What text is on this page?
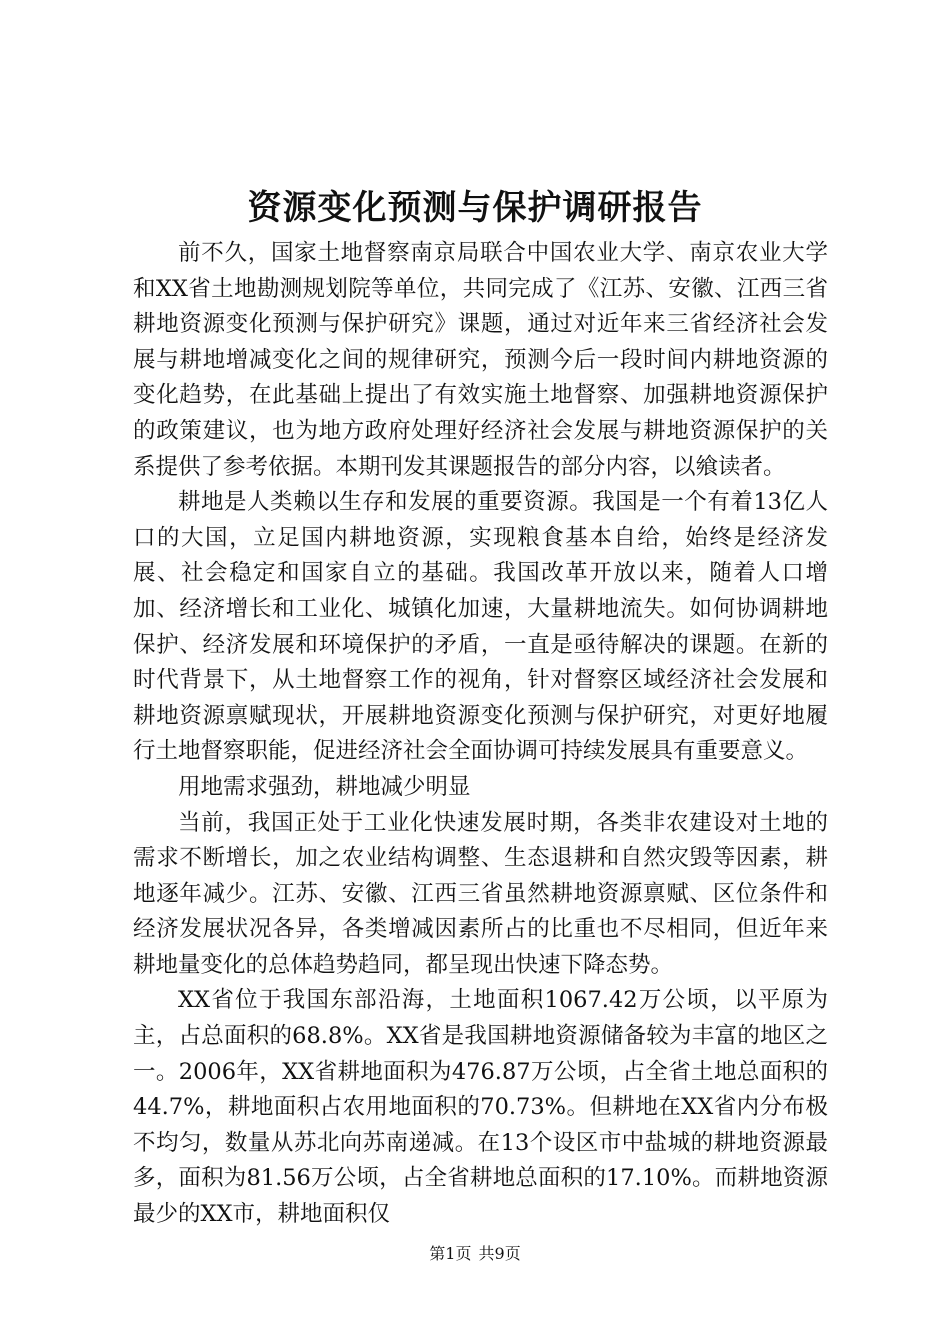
资源变化预测与保护调研报告

前不久，国家土地督察南京局联合中国农业大学、南京农业大学和XX省土地勘测规划院等单位，共同完成了《江苏、安徽、江西三省耕地资源变化预测与保护研究》课题，通过对近年来三省经济社会发展与耕地增减变化之间的规律研究，预测今后一段时间内耕地资源的变化趋势，在此基础上提出了有效实施土地督察、加强耕地资源保护的政策建议，也为地方政府处理好经济社会发展与耕地资源保护的关系提供了参考依据。本期刊发其课题报告的部分内容，以飨读者。

耕地是人类赖以生存和发展的重要资源。我国是一个有着13亿人口的大国，立足国内耕地资源，实现粮食基本自给，始终是经济发展、社会稳定和国家自立的基础。我国改革开放以来，随着人口增加、经济增长和工业化、城镇化加速，大量耕地流失。如何协调耕地保护、经济发展和环境保护的矛盾，一直是亟待解决的课题。在新的时代背景下，从土地督察工作的视角，针对督察区域经济社会发展和耕地资源禀赋现状，开展耕地资源变化预测与保护研究，对更好地履行土地督察职能，促进经济社会全面协调可持续发展具有重要意义。

用地需求强劲，耕地减少明显

当前，我国正处于工业化快速发展时期，各类非农建设对土地的需求不断增长，加之农业结构调整、生态退耕和自然灾毁等因素，耕地逐年减少。江苏、安徽、江西三省虽然耕地资源禀赋、区位条件和经济发展状况各异，各类增减因素所占的比重也不尽相同，但近年来耕地量变化的总体趋势趋同，都呈现出快速下降态势。

XX省位于我国东部沿海，土地面积1067.42万公顷，以平原为主，占总面积的68.8%。XX省是我国耕地资源储备较为丰富的地区之一。2006年，XX省耕地面积为476.87万公顷，占全省土地总面积的44.7%，耕地面积占农用地面积的70.73%。但耕地在XX省内分布极不均匀，数量从苏北向苏南递减。在13个设区市中盐城的耕地资源最多，面积为81.56万公顷，占全省耕地总面积的17.10%。而耕地资源最少的XX市，耕地面积仅

第1页 共9页
